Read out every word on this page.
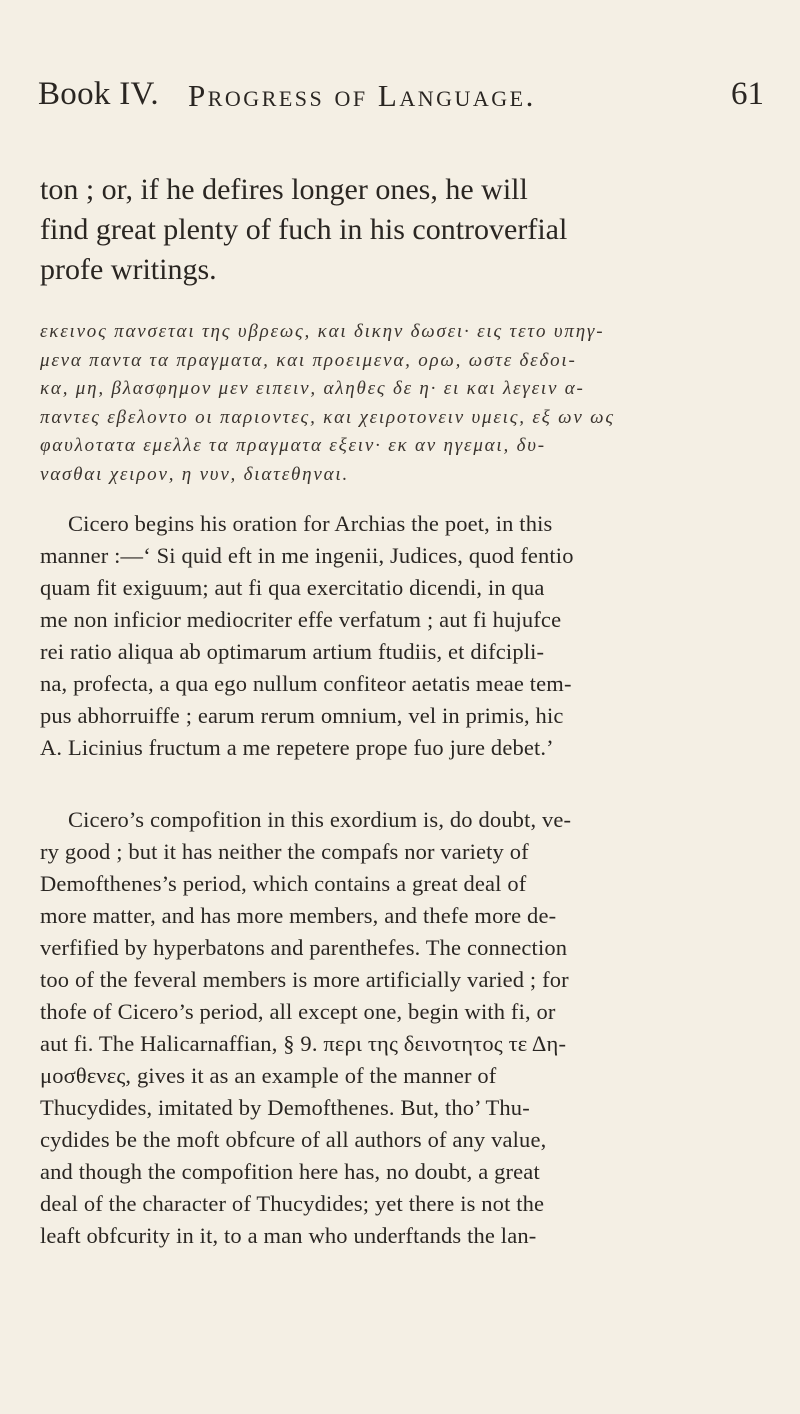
Book IV. Progress of Language.	61
ton ; or, if he defires longer ones, he will
find great plenty of fuch in his controverfial
profe writings.
εκεινος πανσεται της υβρεως, και δικην δωσει· εις τετο υπηγ-
μενα παντα τα πραγματα, και προειμενα, ορω, ωστε δεδοι-
κα, μη, βλασφημον μεν ειπειν, αληθες δε η· ει και λεγειν α-
παντες εβελοντο οι παριοντες, και χειροτονειν υμεις, εξ ων ως
φαυλοτατα εμελλε τα πραγματα εξειν· εκ αν ηγεμαι, δυ-
νασθαι χειρον, η νυν, διατεθηναι.
Cicero begins his oration for Archias the poet, in this
manner :—‘ Si quid eft in me ingenii, Judices, quod fentio
quam fit exiguum; aut fi qua exercitatio dicendi, in qua
me non inficior mediocriter effe verfatum ; aut fi hujufce
rei ratio aliqua ab optimarum artium ftudiis, et difcipli-
na, profecta, a qua ego nullum confiteor aetatis meae tem-
pus abhorruiffe ; earum rerum omnium, vel in primis, hic
A. Licinius fructum a me repetere prope fuo jure debet.’
Cicero’s compofition in this exordium is, do doubt, ve-
ry good ; but it has neither the compafs nor variety of
Demofthenes’s period, which contains a great deal of
more matter, and has more members, and thefe more de-
verfified by hyperbatons and parenthefes. The connection
too of the feveral members is more artificially varied ; for
thofe of Cicero’s period, all except one, begin with fi, or
aut fi. The Halicarnaffian, § 9. περι της δεινοτητος τε Δη-
μοσθενες, gives it as an example of the manner of
Thucydides, imitated by Demofthenes. But, tho’ Thu-
cydides be the moft obfcure of all authors of any value,
and though the compofition here has, no doubt, a great
deal of the character of Thucydides; yet there is not the
leaft obfcurity in it, to a man who underftands the lan-
